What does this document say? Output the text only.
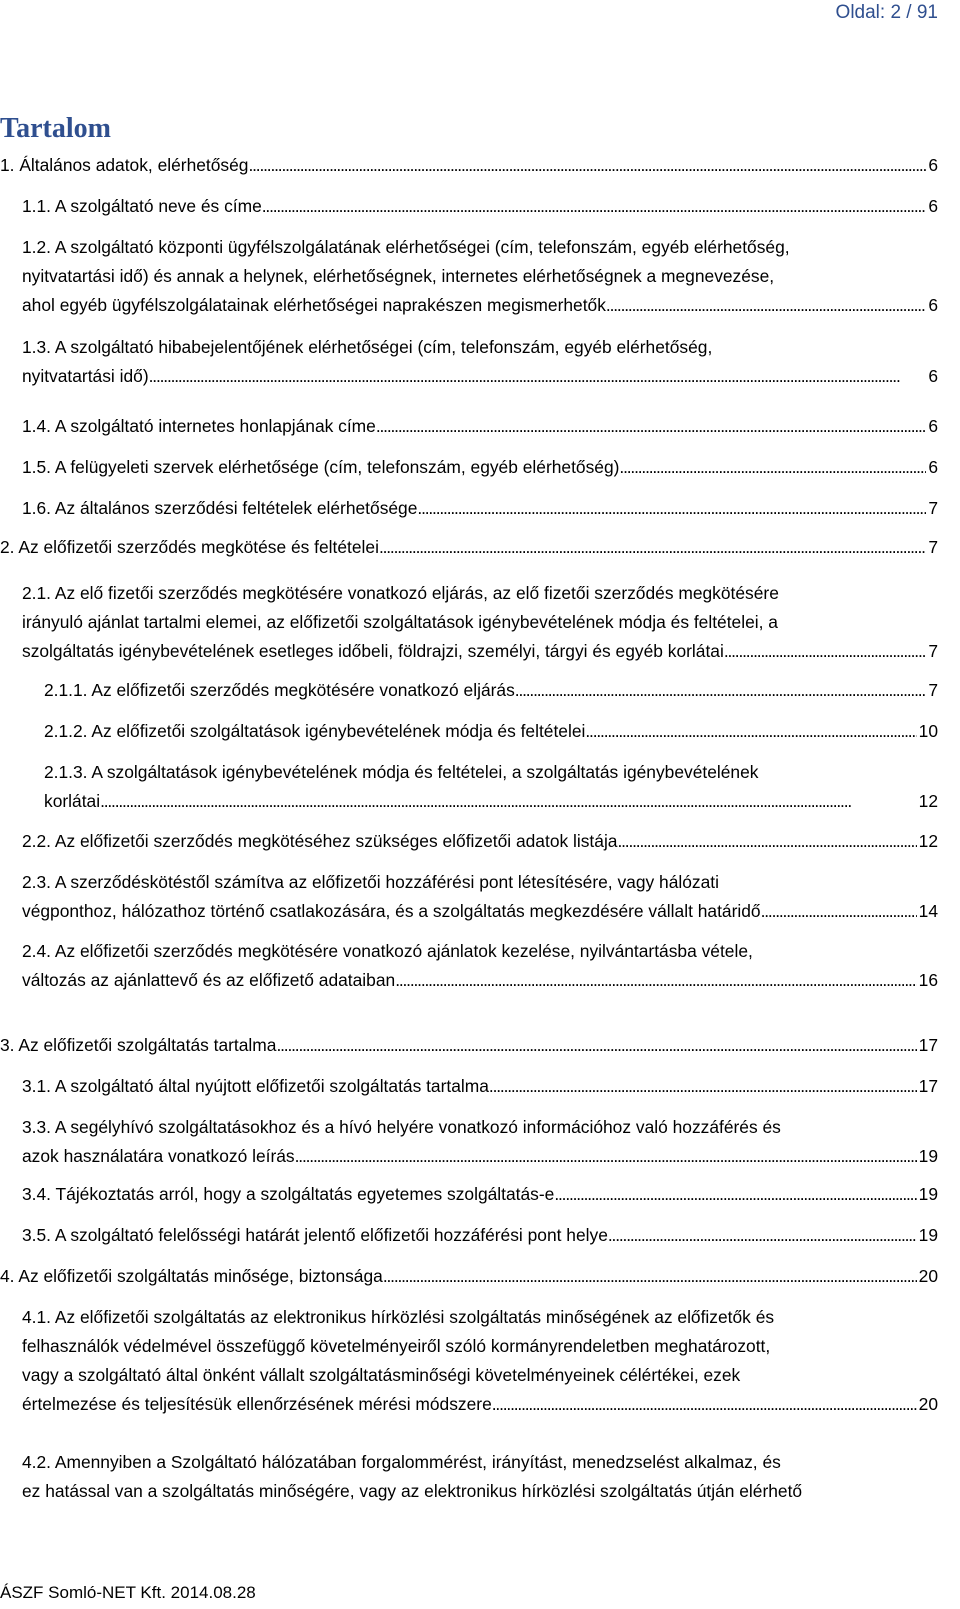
Oldal: 2 / 91
Tartalom
1. Általános adatok, elérhetőség . . .	6
1.1. A szolgáltató neve és címe . . .	6
1.2. A szolgáltató központi ügyfélszolgálatának elérhetőségei (cím, telefonszám, egyéb elérhetőség,
nyitvatartási idő) és annak a helynek, elérhetőségnek, internetes elérhetőségnek a megnevezése,
ahol egyéb ügyfélszolgálatainak elérhetőségei naprakészen megismerhetők . . .	6
1.3. A szolgáltató hibabejelentőjének elérhetőségei (cím, telefonszám, egyéb elérhetőség,
nyitvatartási idő) . . .	6
1.4. A szolgáltató internetes honlapjának címe . . .	6
1.5. A felügyeleti szervek elérhetősége (cím, telefonszám, egyéb elérhetőség) . . .	6
1.6. Az általános szerződési feltételek elérhetősége . . .	7
2. Az előfizetői szerződés megkötése és feltételei . . .	7
2.1. Az elő fizetői szerződés megkötésére vonatkozó eljárás, az elő fizetői szerződés megkötésére
irányuló ajánlat tartalmi elemei, az előfizetői szolgáltatások igénybevételének módja és feltételei, a
szolgáltatás igénybevételének esetleges időbeli, földrajzi, személyi, tárgyi és egyéb korlátai . . .	7
2.1.1. Az előfizetői szerződés megkötésére vonatkozó eljárás . . .	7
2.1.2. Az előfizetői szolgáltatások igénybevételének módja és feltételei . . .	10
2.1.3. A szolgáltatások igénybevételének módja és feltételei, a szolgáltatás igénybevételének
korlátai . . .	12
2.2. Az előfizetői szerződés megkötéséhez szükséges előfizetői adatok listája . . .	12
2.3. A szerződéskötéstől számítva az előfizetői hozzáférési pont létesítésére, vagy hálózati
végponthoz, hálózathoz történő csatlakozására, és a szolgáltatás megkezdésére vállalt határidő . . .	14
2.4. Az előfizetői szerződés megkötésére vonatkozó ajánlatok kezelése, nyilvántartásba vétele,
változás az ajánlattevő és az előfizető adataiban . . .	16
3. Az előfizetői szolgáltatás tartalma . . .	17
3.1. A szolgáltató által nyújtott előfizetői szolgáltatás tartalma . . .	17
3.3. A segélyhívó szolgáltatásokhoz és a hívó helyére vonatkozó információhoz való hozzáférés és
azok használatára vonatkozó leírás . . .	19
3.4. Tájékoztatás arról, hogy a szolgáltatás egyetemes szolgáltatás-e . . .	19
3.5. A szolgáltató felelősségi határát jelentő előfizetői hozzáférési pont helye . . .	19
4. Az előfizetői szolgáltatás minősége, biztonsága . . .	20
4.1. Az előfizetői szolgáltatás az elektronikus hírközlési szolgáltatás minőségének az előfizetők és
felhasználók védelmével összefüggő követelményeiről szóló kormányrendeletben meghatározott,
vagy a szolgáltató által önként vállalt szolgáltatásminőségi követelményeinek célértékei, ezek
értelmezése és teljesítésük ellenőrzésének mérési módszere . . .	20
4.2. Amennyiben a Szolgáltató hálózatában forgalommérést, irányítást, menedzselést alkalmaz, és
ez hatással van a szolgáltatás minőségére, vagy az elektronikus hírközlési szolgáltatás útján elérhető
ÁSZF Somló-NET Kft. 2014.08.28
